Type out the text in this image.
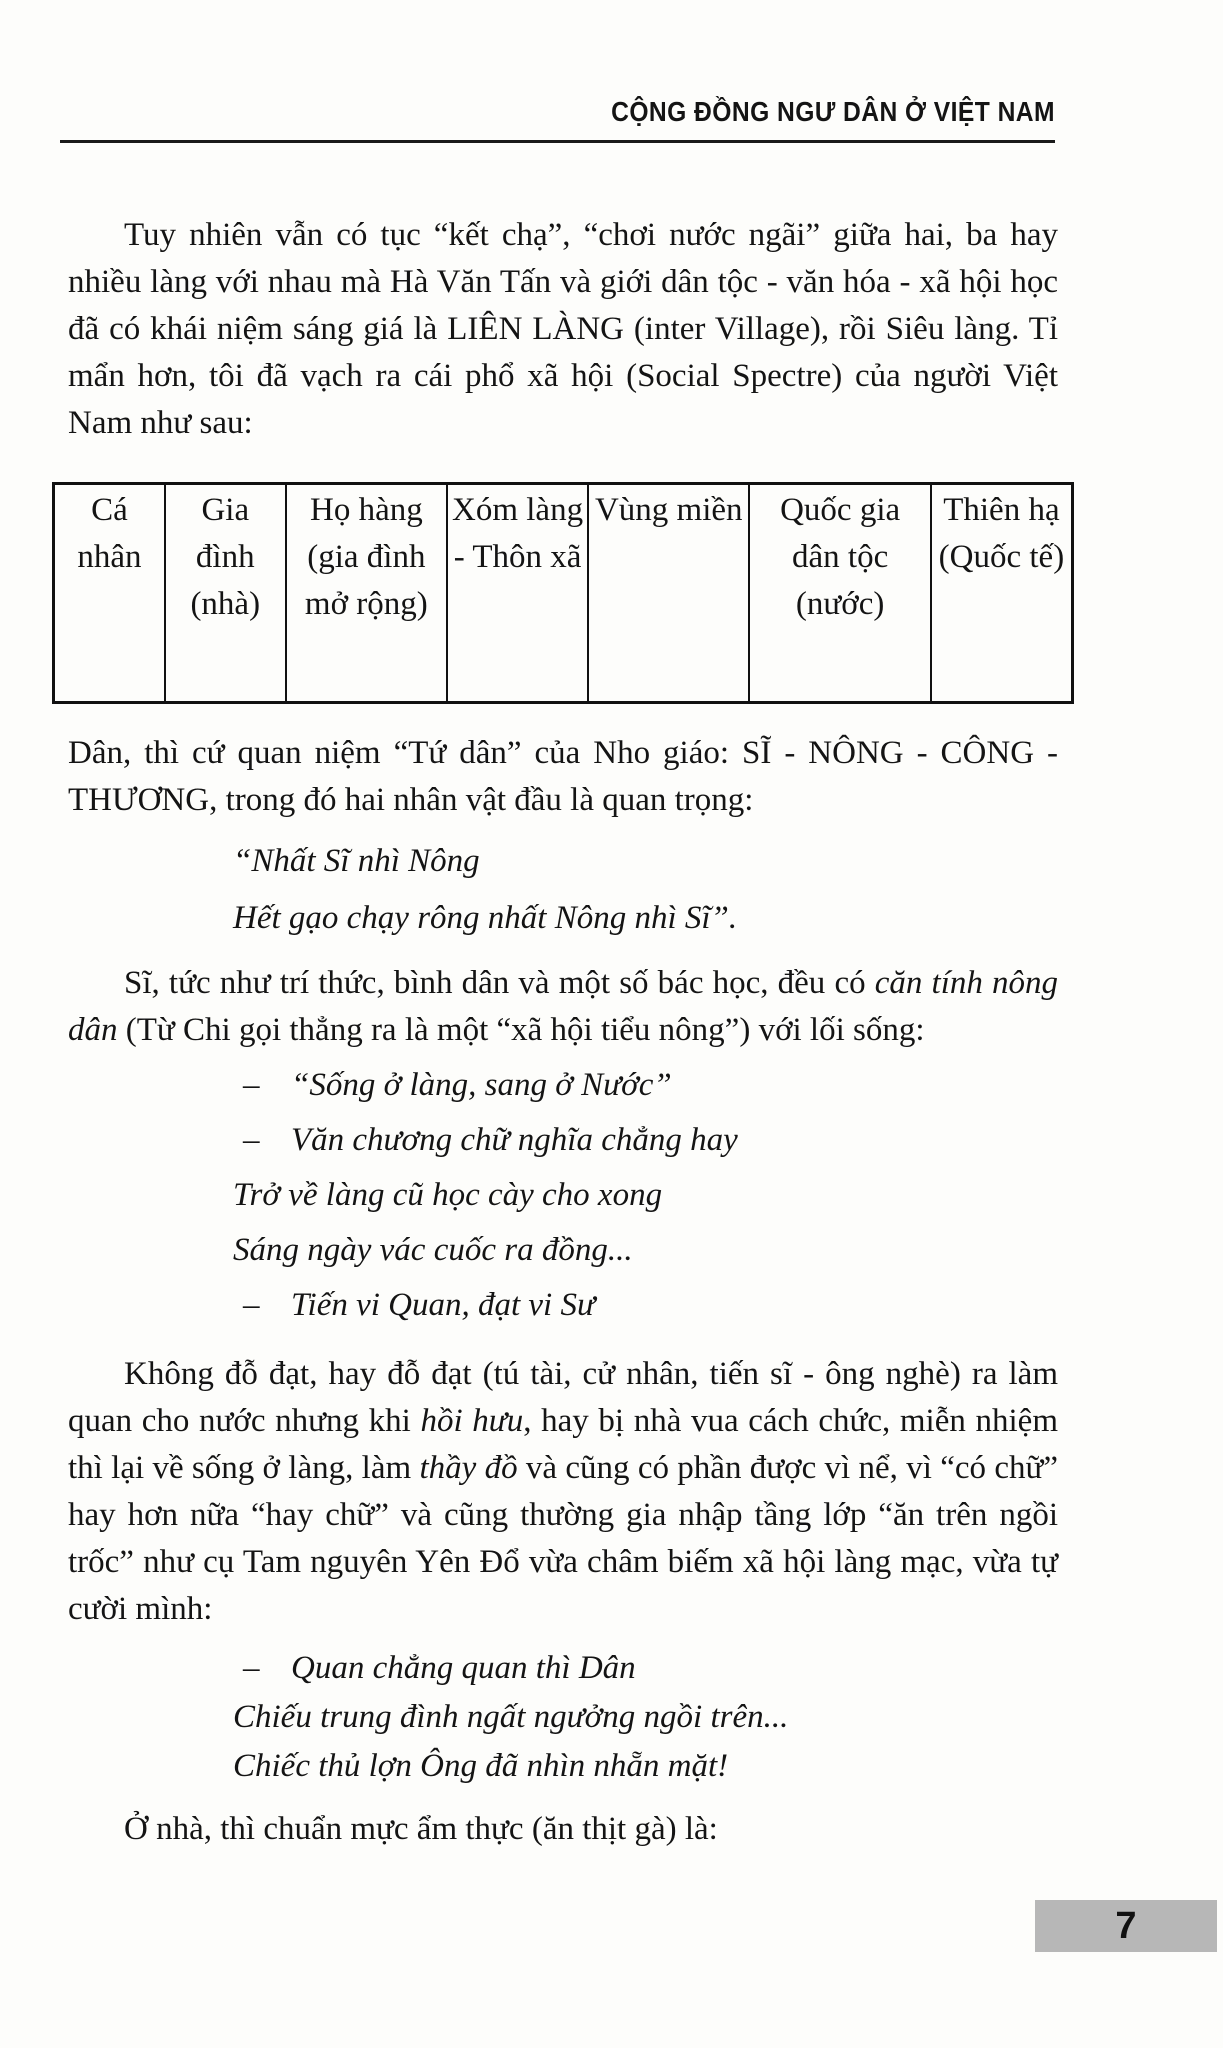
CỘNG ĐỒNG NGƯ DÂN Ở VIỆT NAM

Tuy nhiên vẫn có tục “kết chạ”, “chơi nước ngãi” giữa hai, ba hay nhiều làng với nhau mà Hà Văn Tấn và giới dân tộc - văn hóa - xã hội học đã có khái niệm sáng giá là LIÊN LÀNG (inter Village), rồi Siêu làng. Tỉ mẩn hơn, tôi đã vạch ra cái phổ xã hội (Social Spectre) của người Việt Nam như sau:

Cá nhân	Gia đình (nhà)	Họ hàng (gia đình mở rộng)	Xóm làng - Thôn xã	Vùng miền	Quốc gia dân tộc (nước)	Thiên hạ (Quốc tế)

Dân, thì cứ quan niệm “Tứ dân” của Nho giáo: SĨ - NÔNG - CÔNG - THƯƠNG, trong đó hai nhân vật đầu là quan trọng:

“Nhất Sĩ nhì Nông

Hết gạo chạy rông nhất Nông nhì Sĩ”.

Sĩ, tức như trí thức, bình dân và một số bác học, đều có căn tính nông dân (Từ Chi gọi thẳng ra là một “xã hội tiểu nông”) với lối sống:

– “Sống ở làng, sang ở Nước”

– Văn chương chữ nghĩa chẳng hay

Trở về làng cũ học cày cho xong

Sáng ngày vác cuốc ra đồng...

– Tiến vi Quan, đạt vi Sư

Không đỗ đạt, hay đỗ đạt (tú tài, cử nhân, tiến sĩ - ông nghè) ra làm quan cho nước nhưng khi hồi hưu, hay bị nhà vua cách chức, miễn nhiệm thì lại về sống ở làng, làm thầy đồ và cũng có phần được vì nể, vì “có chữ” hay hơn nữa “hay chữ” và cũng thường gia nhập tầng lớp “ăn trên ngồi trốc” như cụ Tam nguyên Yên Đổ vừa châm biếm xã hội làng mạc, vừa tự cười mình:

– Quan chẳng quan thì Dân

Chiếu trung đình ngất ngưởng ngồi trên...

Chiếc thủ lợn Ông đã nhìn nhẵn mặt!

Ở nhà, thì chuẩn mực ẩm thực (ăn thịt gà) là:

7
